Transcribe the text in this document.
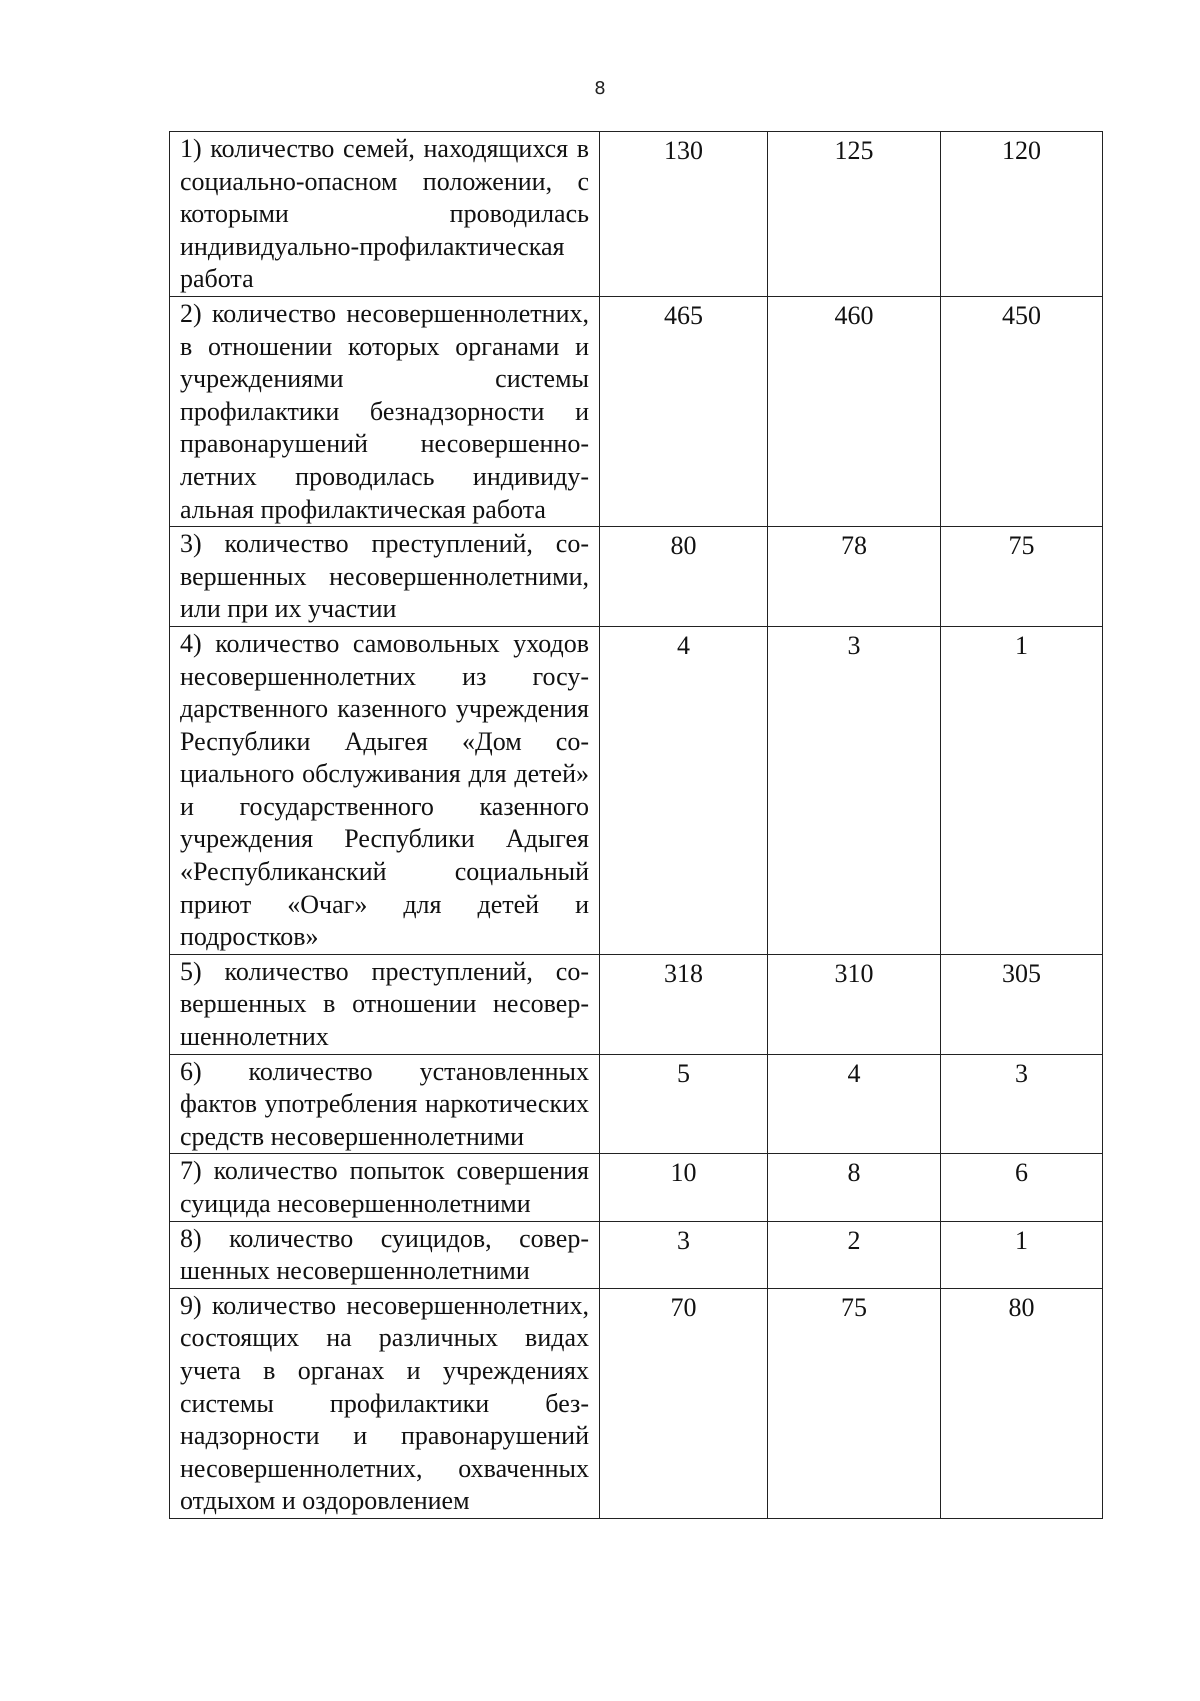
8
1) количество семей, находящихся в социально-опасном положении, с которыми проводилась индивидуально-профилактическая работа	130	125	120
2) количество несовершеннолетних, в отношении которых органами и учреждениями системы профилактики безнадзорности и правонарушений несовершеннолетних проводилась индивидуальная профилактическая работа	465	460	450
3) количество преступлений, совершенных несовершеннолетними, или при их участии	80	78	75
4) количество самовольных уходов несовершеннолетних из государственного казенного учреждения Республики Адыгея «Дом социального обслуживания для детей» и государственного казенного учреждения Республики Адыгея «Республиканский социальный приют «Очаг» для детей и подростков»	4	3	1
5) количество преступлений, совершенных в отношении несовершеннолетних	318	310	305
6) количество установленных фактов употребления наркотических средств несовершеннолетними	5	4	3
7) количество попыток совершения суицида несовершеннолетними	10	8	6
8) количество суицидов, совершенных несовершеннолетними	3	2	1
9) количество несовершеннолетних, состоящих на различных видах учета в органах и учреждениях системы профилактики безнадзорности и правонарушений несовершеннолетних, охваченных отдыхом и оздоровлением	70	75	80
